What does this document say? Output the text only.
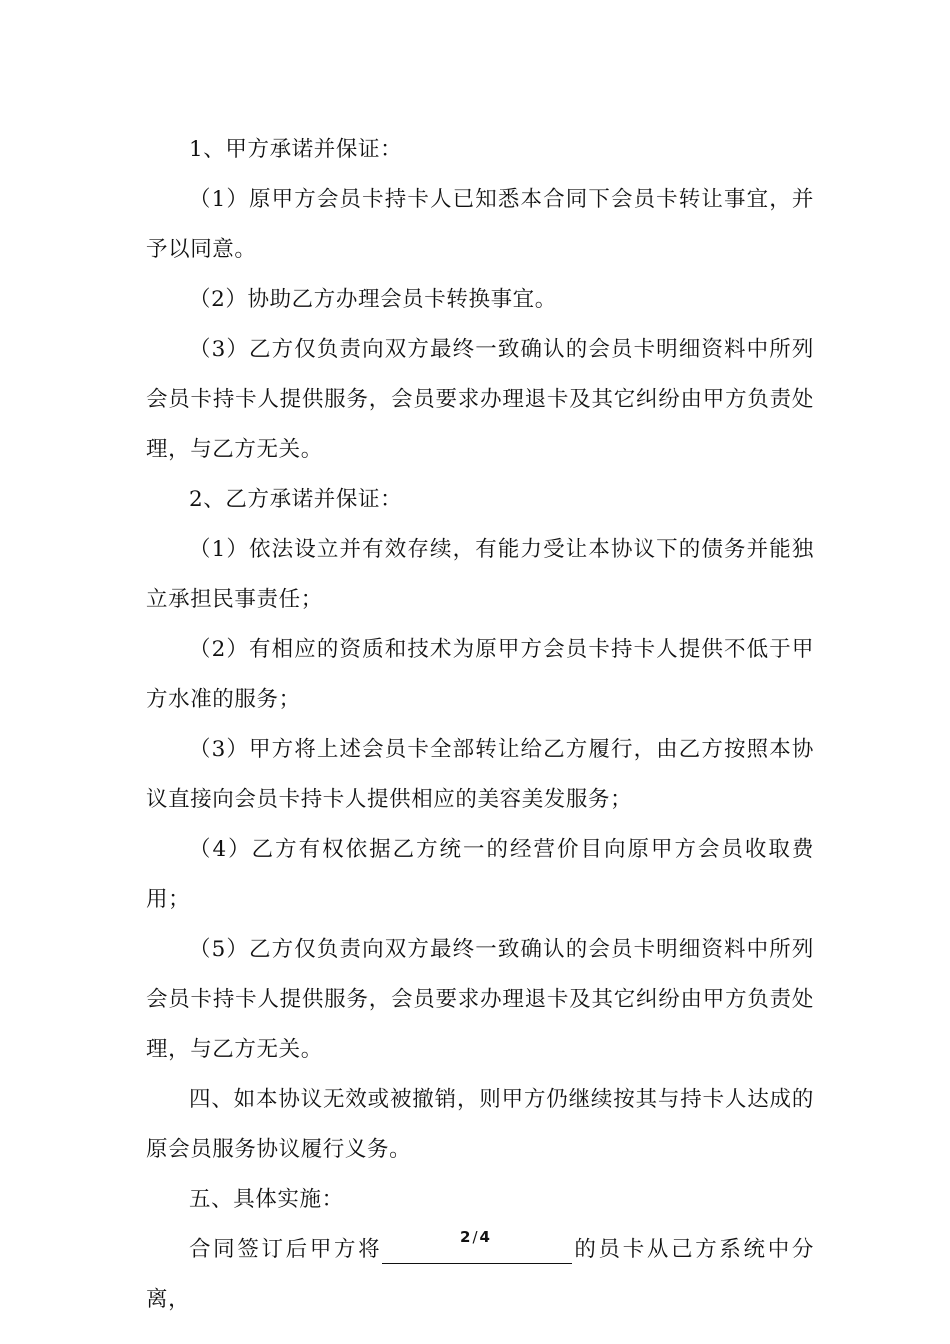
1、甲方承诺并保证：

（1）原甲方会员卡持卡人已知悉本合同下会员卡转让事宜，并予以同意。

（2）协助乙方办理会员卡转换事宜。

（3）乙方仅负责向双方最终一致确认的会员卡明细资料中所列会员卡持卡人提供服务，会员要求办理退卡及其它纠纷由甲方负责处理，与乙方无关。

2、乙方承诺并保证：

（1）依法设立并有效存续，有能力受让本协议下的债务并能独立承担民事责任；

（2）有相应的资质和技术为原甲方会员卡持卡人提供不低于甲方水准的服务；

（3）甲方将上述会员卡全部转让给乙方履行，由乙方按照本协议直接向会员卡持卡人提供相应的美容美发服务；

（4）乙方有权依据乙方统一的经营价目向原甲方会员收取费用；

（5）乙方仅负责向双方最终一致确认的会员卡明细资料中所列会员卡持卡人提供服务，会员要求办理退卡及其它纠纷由甲方负责处理，与乙方无关。

四、如本协议无效或被撤销，则甲方仍继续按其与持卡人达成的原会员服务协议履行义务。

五、具体实施：

合同签订后甲方将	的员卡从己方系统中分离，

2 / 4
